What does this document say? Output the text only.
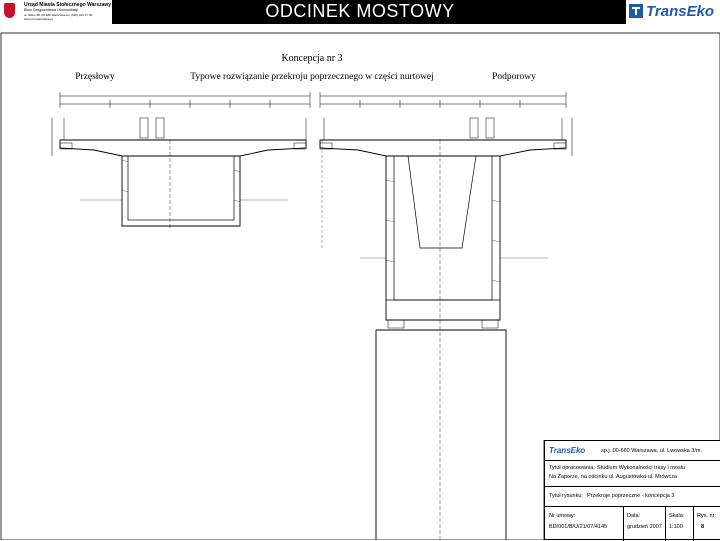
ODCINEK MOSTOWY
Urząd Miasta Stołecznego Warszawy
Biuro Drogownictwa i Komunikacji
ul. Solec 48, 00-382 Warszawa tel. (022) 443 17 00
www.um.warszawa.pl	TransEko
Koncepcja nr 3
Typowe rozwiązanie przekroju poprzecznego w części nurtowej
Przęsłowy	Podporowy
TransEko	sp.j. 00-660 Warszawa, ul. Lwowska 3/m.
Tytuł opracowania: Studium Wykonalności trasy i mostu
Na Zaporze, na odcinku ul. Augustówka-ul. Mrówcza
Tytuł rysunku: Przekroje poprzeczne - koncepcja 3
Nr umowy:
BD/001/B/U/21/07/4145
Data:
grudzień 2007
Skala:
1:100
Rys. nr:
8
